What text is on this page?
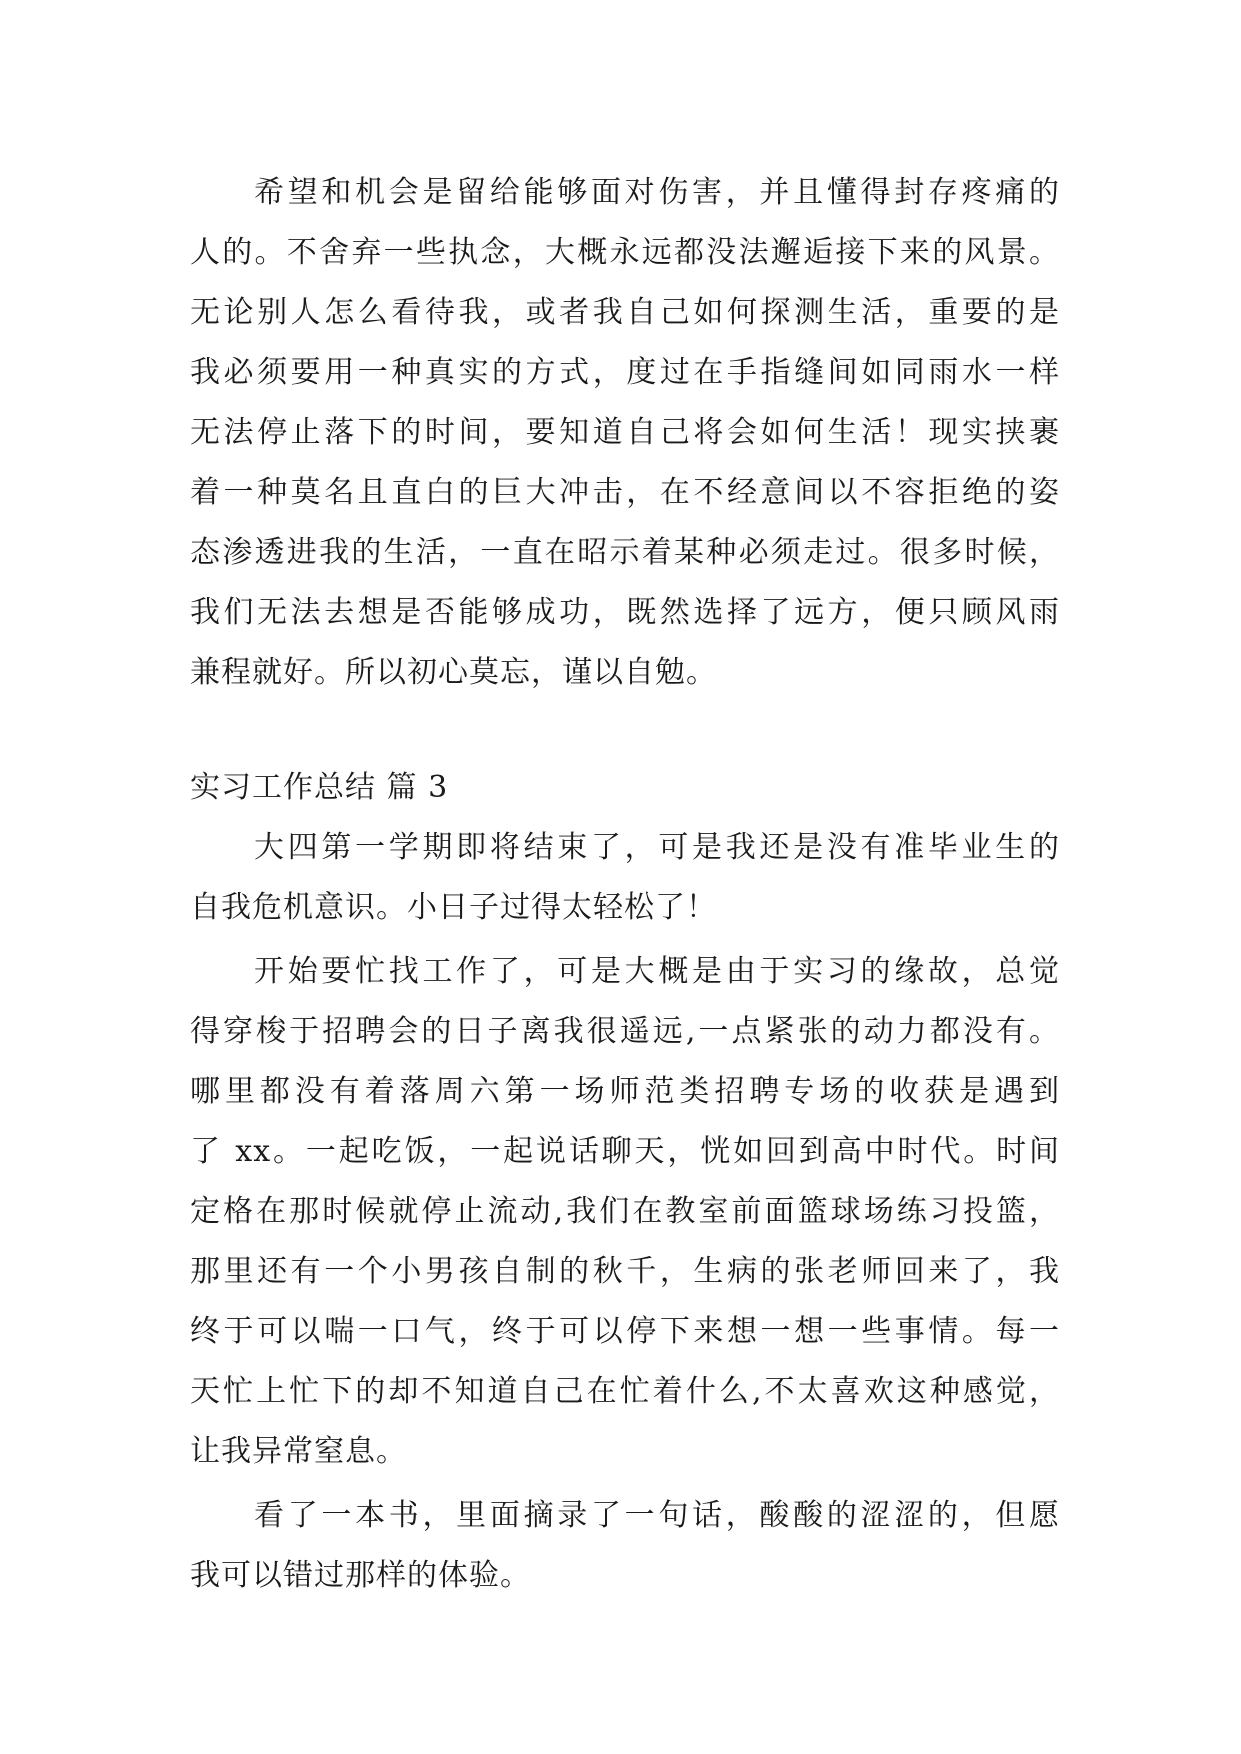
希望和机会是留给能够面对伤害，并且懂得封存疼痛的
人的。不舍弃一些执念，大概永远都没法邂逅接下来的风景。
无论别人怎么看待我，或者我自己如何探测生活，重要的是
我必须要用一种真实的方式，度过在手指缝间如同雨水一样
无法停止落下的时间，要知道自己将会如何生活！现实挟裹
着一种莫名且直白的巨大冲击，在不经意间以不容拒绝的姿
态渗透进我的生活，一直在昭示着某种必须走过。很多时候，
我们无法去想是否能够成功，既然选择了远方，便只顾风雨
兼程就好。所以初心莫忘，谨以自勉。
实习工作总结 篇 3
大四第一学期即将结束了，可是我还是没有准毕业生的
自我危机意识。小日子过得太轻松了！
开始要忙找工作了，可是大概是由于实习的缘故，总觉
得穿梭于招聘会的日子离我很遥远,一点紧张的动力都没有。
哪里都没有着落周六第一场师范类招聘专场的收获是遇到
了 xx。一起吃饭，一起说话聊天，恍如回到高中时代。时间
定格在那时候就停止流动,我们在教室前面篮球场练习投篮，
那里还有一个小男孩自制的秋千，生病的张老师回来了，我
终于可以喘一口气，终于可以停下来想一想一些事情。每一
天忙上忙下的却不知道自己在忙着什么,不太喜欢这种感觉，
让我异常窒息。
看了一本书，里面摘录了一句话，酸酸的涩涩的，但愿
我可以错过那样的体验。
